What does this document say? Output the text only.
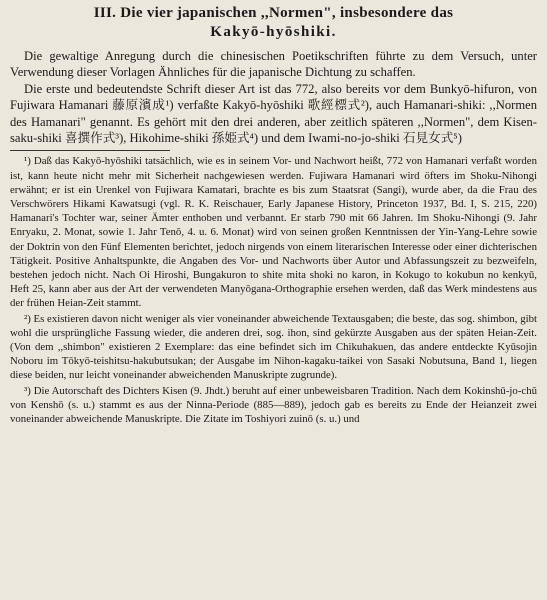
III. Die vier japanischen ,,Normen", insbesondere das
Kakyō-hyōshiki.

Die gewaltige Anregung durch die chinesischen Poetikschriften führte zu dem Versuch, unter Verwendung dieser Vorlagen Ähnliches für die japanische Dichtung zu schaffen.

Die erste und bedeutendste Schrift dieser Art ist das 772, also bereits vor dem Bunkyō-hifuron, von Fujiwara Hamanari 藤原濱成¹) verfaßte Kakyō-hyōshiki 歌經標式²), auch Hamanari-shiki: ,,Normen des Hamanari" genannt. Es gehört mit den drei anderen, aber zeitlich späteren ,,Normen", dem Kisen-saku-shiki 喜撰作式³), Hikohime-shiki 孫姫式⁴) und dem Iwami-no-jo-shiki 石見女式⁵)

¹) Daß das Kakyō-hyōshiki tatsächlich, wie es in seinem Vor- und Nachwort heißt, 772 von Hamanari verfaßt worden ist, kann heute nicht mehr mit Sicherheit nachgewiesen werden. Fujiwara Hamanari wird öfters im Shoku-Nihongi erwähnt; er ist ein Urenkel von Fujiwara Kamatari, brachte es bis zum Staatsrat (Sangi), wurde aber, da die Frau des Verschwörers Hikami Kawatsugi (vgl. R. K. Reischauer, Early Japanese History, Princeton 1937, Bd. I, S. 215, 220) Hamanari's Tochter war, seiner Ämter enthoben und verbannt. Er starb 790 mit 66 Jahren. Im Shoku-Nihongi (9. Jahr Enryaku, 2. Monat, sowie 1. Jahr Tenō, 4. u. 6. Monat) wird von seinen großen Kenntnissen der Yin-Yang-Lehre sowie der Doktrin von den Fünf Elementen berichtet, jedoch nirgends von einem literarischen Interesse oder einer dichterischen Tätigkeit. Positive Anhaltspunkte, die Angaben des Vor- und Nachworts über Autor und Abfassungszeit zu bezweifeln, bestehen jedoch nicht. Nach Oi Hiroshi, Bungakuron to shite mita shoki no karon, in Kokugo to kokubun no kenkyū, Heft 25, kann aber aus der Art der verwendeten Manyōgana-Orthographie ersehen werden, daß das Werk mindestens aus der frühen Heian-Zeit stammt.

²) Es existieren davon nicht weniger als vier voneinander abweichende Textausgaben; die beste, das sog. shimbon, gibt wohl die ursprüngliche Fassung wieder, die anderen drei, sog. ihon, sind gekürzte Ausgaben aus der späten Heian-Zeit. (Von dem ,,shimbon" existieren 2 Exemplare: das eine befindet sich im Chikuhakuen, das andere entdeckte Kyūsojin Noboru im Tōkyō-teishitsu-hakubutsukan; der Ausgabe im Nihon-kagaku-taikei von Sasaki Nobutsuna, Band 1, liegen diese beiden, nur leicht voneinander abweichenden Manuskripte zugrunde).

³) Die Autorschaft des Dichters Kisen (9. Jhdt.) beruht auf einer unbeweisbaren Tradition. Nach dem Kokinshū-jo-chū von Kenshō (s. u.) stammt es aus der Ninna-Periode (885—889), jedoch gab es bereits zu Ende der Heianzeit zwei voneinander abweichende Manuskripte. Die Zitate im Toshiyori zuinō (s. u.) und
